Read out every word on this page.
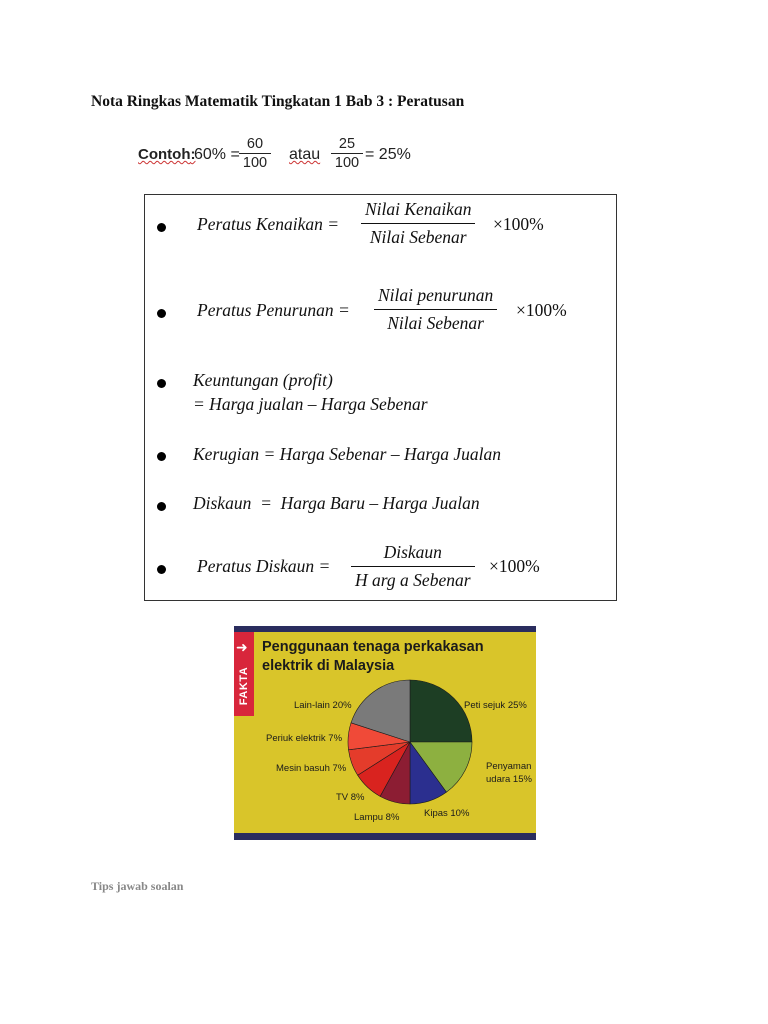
Nota Ringkas Matematik Tingkatan 1 Bab 3 : Peratusan
Contoh:
$60\% = \frac{60}{100}$ atau $\frac{25}{100} = 25\%$
Peratus Kenaikan =
Nilai Kenaikan
Nilai Sebenar
×100%
Peratus Penurunan =
Nilai penurunan
Nilai Sebenar
×100%
Keuntungan (profit)
= Harga jualan – Harga Sebenar
Kerugian = Harga Sebenar – Harga Jualan
Diskaun  =  Harga Baru – Harga Jualan
Peratus Diskaun =
Diskaun
H arg a Sebenar
×100%
➜
FAKTA
Penggunaan tenaga perkakasan elektrik di Malaysia
Peti sejuk 25%
Penyaman udara 15%
Kipas 10%
Lampu 8%
TV 8%
Mesin basuh 7%
Periuk elektrik 7%
Lain-lain 20%

Tips jawab soalan
